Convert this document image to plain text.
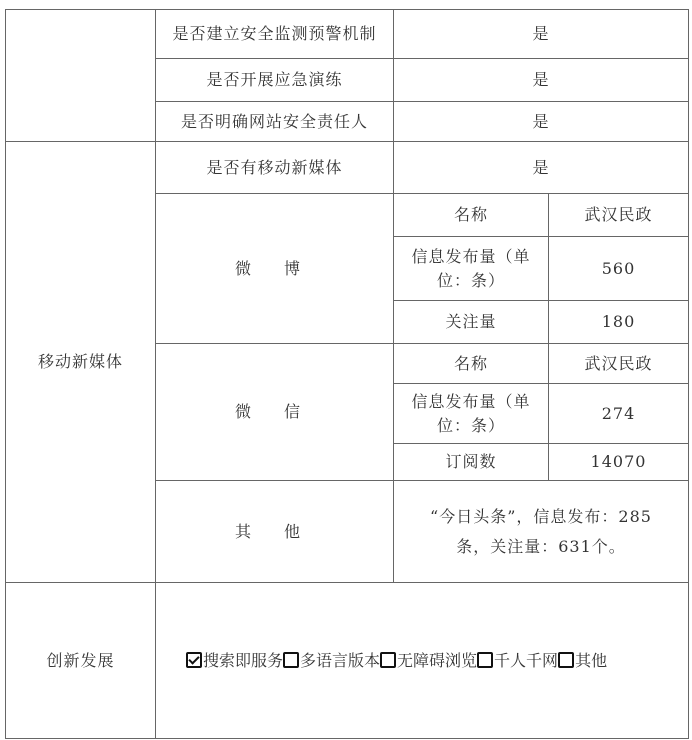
	是否建立安全监测预警机制	是	
	是否开展应急演练	是	
	是否明确网站安全责任人	是	
移动新媒体	是否有移动新媒体	是	
	微 博	名称	武汉民政
		信息发布量（单位：条）	560
		关注量	180
	微 信	名称	武汉民政
		信息发布量（单位：条）	274
		订阅数	14070
	其 他	“今日头条”，信息发布：285条，关注量：631个。	
创新发展	搜索即服务 多语言版本 无障碍浏览 千人千网 其他		
